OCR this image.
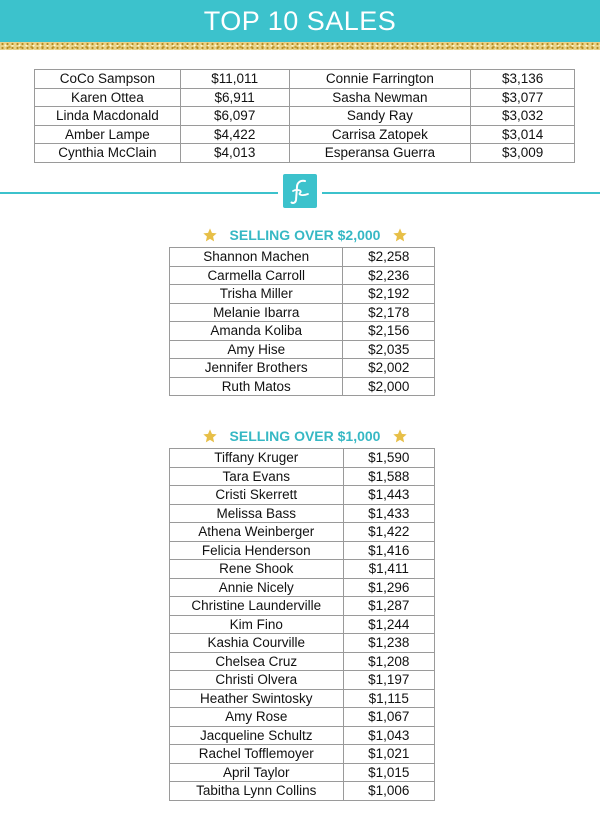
TOP 10 SALES
CoCo Sampson	$11,011	Connie Farrington	$3,136
Karen Ottea	$6,911	Sasha Newman	$3,077
Linda Macdonald	$6,097	Sandy Ray	$3,032
Amber Lampe	$4,422	Carrisa Zatopek	$3,014
Cynthia McClain	$4,013	Esperansa Guerra	$3,009
SELLING OVER $2,000
Shannon Machen	$2,258
Carmella Carroll	$2,236
Trisha Miller	$2,192
Melanie Ibarra	$2,178
Amanda Koliba	$2,156
Amy Hise	$2,035
Jennifer Brothers	$2,002
Ruth Matos	$2,000
SELLING OVER $1,000
Tiffany Kruger	$1,590
Tara Evans	$1,588
Cristi Skerrett	$1,443
Melissa Bass	$1,433
Athena Weinberger	$1,422
Felicia Henderson	$1,416
Rene Shook	$1,411
Annie Nicely	$1,296
Christine Launderville	$1,287
Kim Fino	$1,244
Kashia Courville	$1,238
Chelsea Cruz	$1,208
Christi Olvera	$1,197
Heather Swintosky	$1,115
Amy Rose	$1,067
Jacqueline Schultz	$1,043
Rachel Tofflemoyer	$1,021
April Taylor	$1,015
Tabitha Lynn Collins	$1,006
